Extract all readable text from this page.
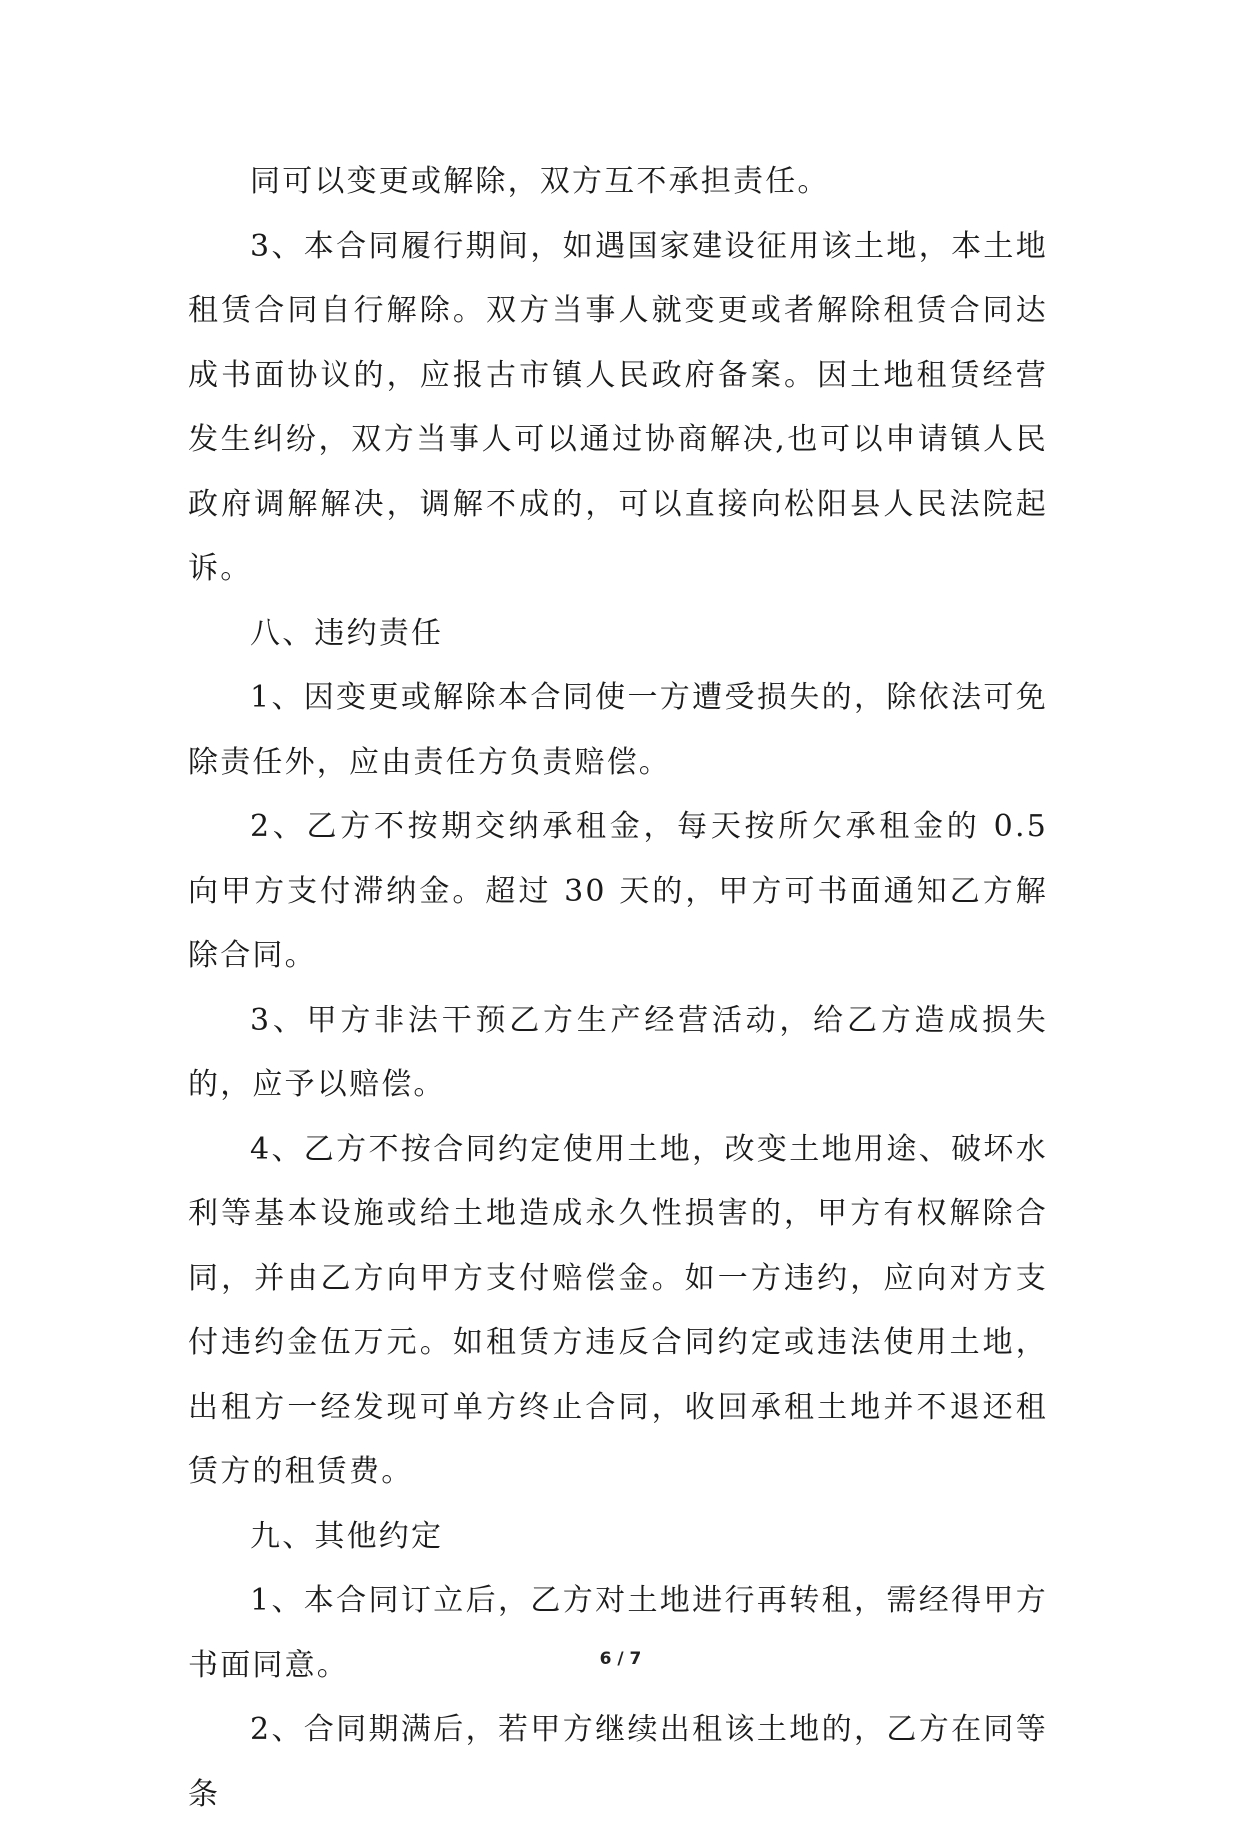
同可以变更或解除，双方互不承担责任。

3、本合同履行期间，如遇国家建设征用该土地，本土地租赁合同自行解除。双方当事人就变更或者解除租赁合同达成书面协议的，应报古市镇人民政府备案。因土地租赁经营发生纠纷，双方当事人可以通过协商解决,也可以申请镇人民政府调解解决，调解不成的，可以直接向松阳县人民法院起诉。

八、违约责任

1、因变更或解除本合同使一方遭受损失的，除依法可免除责任外，应由责任方负责赔偿。

2、乙方不按期交纳承租金，每天按所欠承租金的 0.5 向甲方支付滞纳金。超过 30 天的，甲方可书面通知乙方解除合同。

3、甲方非法干预乙方生产经营活动，给乙方造成损失的，应予以赔偿。

4、乙方不按合同约定使用土地，改变土地用途、破坏水利等基本设施或给土地造成永久性损害的，甲方有权解除合同，并由乙方向甲方支付赔偿金。如一方违约，应向对方支付违约金伍万元。如租赁方违反合同约定或违法使用土地，出租方一经发现可单方终止合同，收回承租土地并不退还租赁方的租赁费。

九、其他约定

1、本合同订立后，乙方对土地进行再转租，需经得甲方书面同意。

2、合同期满后，若甲方继续出租该土地的，乙方在同等条

6 / 7
